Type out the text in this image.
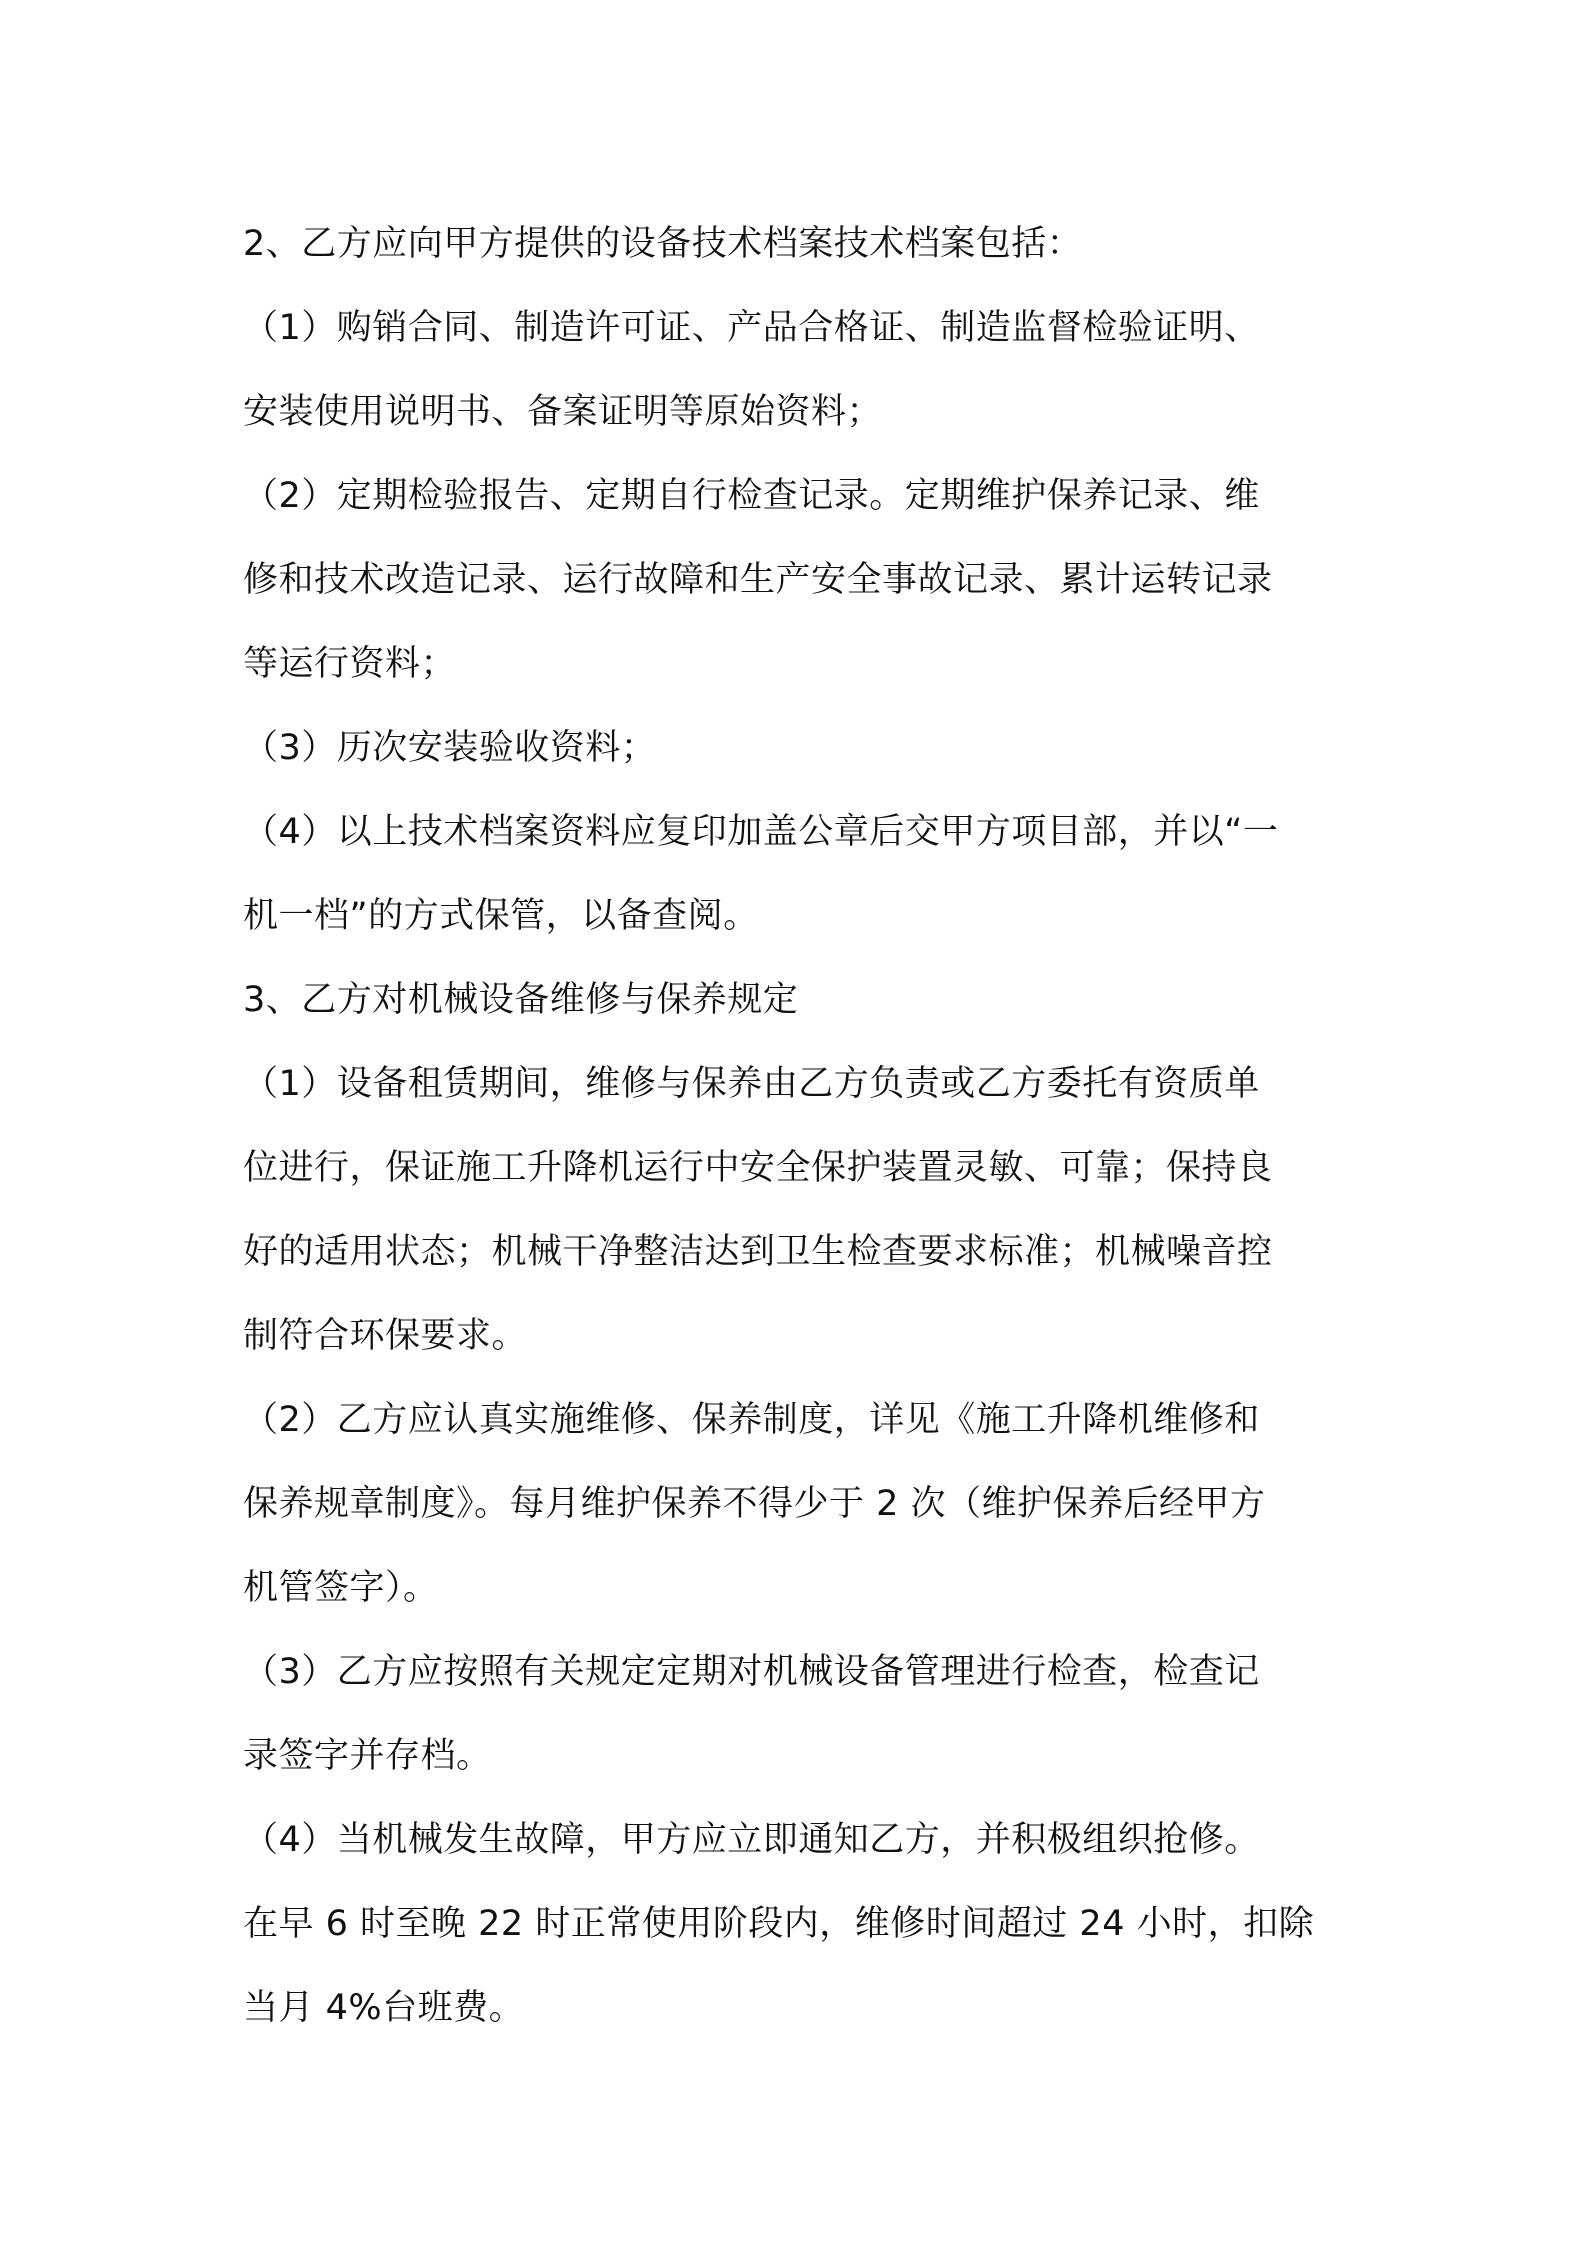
2、乙方应向甲方提供的设备技术档案技术档案包括：
（1）购销合同、制造许可证、产品合格证、制造监督检验证明、
安装使用说明书、备案证明等原始资料；
（2）定期检验报告、定期自行检查记录。定期维护保养记录、维
修和技术改造记录、运行故障和生产安全事故记录、累计运转记录
等运行资料；
（3）历次安装验收资料；
（4）以上技术档案资料应复印加盖公章后交甲方项目部，并以“一
机一档”的方式保管，以备查阅。
3、乙方对机械设备维修与保养规定
（1）设备租赁期间，维修与保养由乙方负责或乙方委托有资质单
位进行，保证施工升降机运行中安全保护装置灵敏、可靠；保持良
好的适用状态；机械干净整洁达到卫生检查要求标准；机械噪音控
制符合环保要求。
（2）乙方应认真实施维修、保养制度，详见《施工升降机维修和
保养规章制度》。每月维护保养不得少于 2 次（维护保养后经甲方
机管签字）。
（3）乙方应按照有关规定定期对机械设备管理进行检查，检查记
录签字并存档。
（4）当机械发生故障，甲方应立即通知乙方，并积极组织抢修。
在早 6 时至晚 22 时正常使用阶段内，维修时间超过 24 小时，扣除
当月 4%台班费。
